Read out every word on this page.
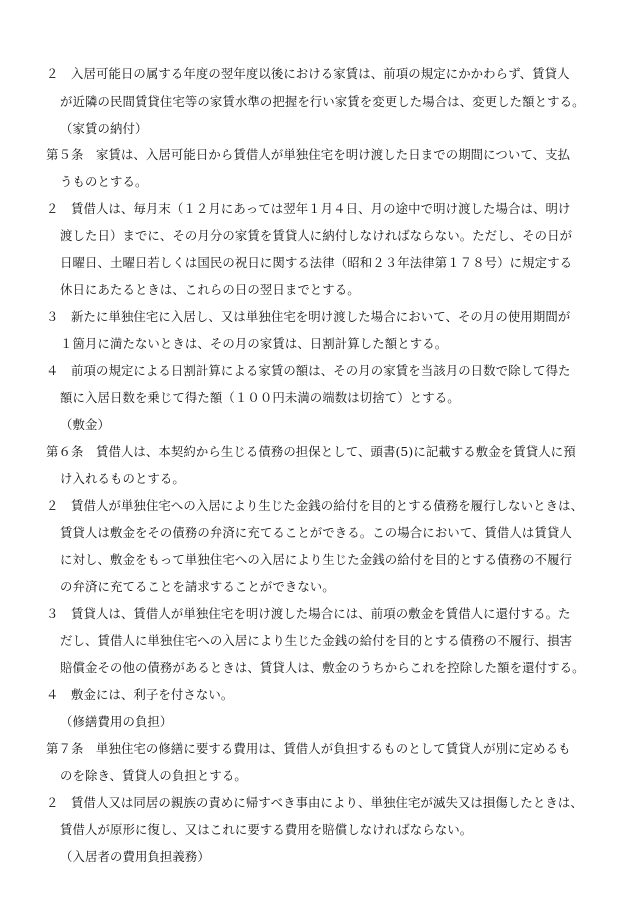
２　入居可能日の属する年度の翌年度以後における家賃は、前項の規定にかかわらず、賃貸人
が近隣の民間賃貸住宅等の家賃水準の把握を行い家賃を変更した場合は、変更した額とする。
（家賃の納付）
第５条　家賃は、入居可能日から賃借人が単独住宅を明け渡した日までの期間について、支払
うものとする。
２　賃借人は、毎月末（１２月にあっては翌年１月４日、月の途中で明け渡した場合は、明け
渡した日）までに、その月分の家賃を賃貸人に納付しなければならない。ただし、その日が
日曜日、土曜日若しくは国民の祝日に関する法律（昭和２３年法律第１７８号）に規定する
休日にあたるときは、これらの日の翌日までとする。
３　新たに単独住宅に入居し、又は単独住宅を明け渡した場合において、その月の使用期間が
１箇月に満たないときは、その月の家賃は、日割計算した額とする。
４　前項の規定による日割計算による家賃の額は、その月の家賃を当該月の日数で除して得た
額に入居日数を乗じて得た額（１００円未満の端数は切捨て）とする。
（敷金）
第６条　賃借人は、本契約から生じる債務の担保として、頭書(5)に記載する敷金を賃貸人に預
け入れるものとする。
２　賃借人が単独住宅への入居により生じた金銭の給付を目的とする債務を履行しないときは、
賃貸人は敷金をその債務の弁済に充てることができる。この場合において、賃借人は賃貸人
に対し、敷金をもって単独住宅への入居により生じた金銭の給付を目的とする債務の不履行
の弁済に充てることを請求することができない。
３　賃貸人は、賃借人が単独住宅を明け渡した場合には、前項の敷金を賃借人に還付する。た
だし、賃借人に単独住宅への入居により生じた金銭の給付を目的とする債務の不履行、損害
賠償金その他の債務があるときは、賃貸人は、敷金のうちからこれを控除した額を還付する。
４　敷金には、利子を付さない。
（修繕費用の負担）
第７条　単独住宅の修繕に要する費用は、賃借人が負担するものとして賃貸人が別に定めるも
のを除き、賃貸人の負担とする。
２　賃借人又は同居の親族の責めに帰すべき事由により、単独住宅が滅失又は損傷したときは、
賃借人が原形に復し、又はこれに要する費用を賠償しなければならない。
（入居者の費用負担義務）
